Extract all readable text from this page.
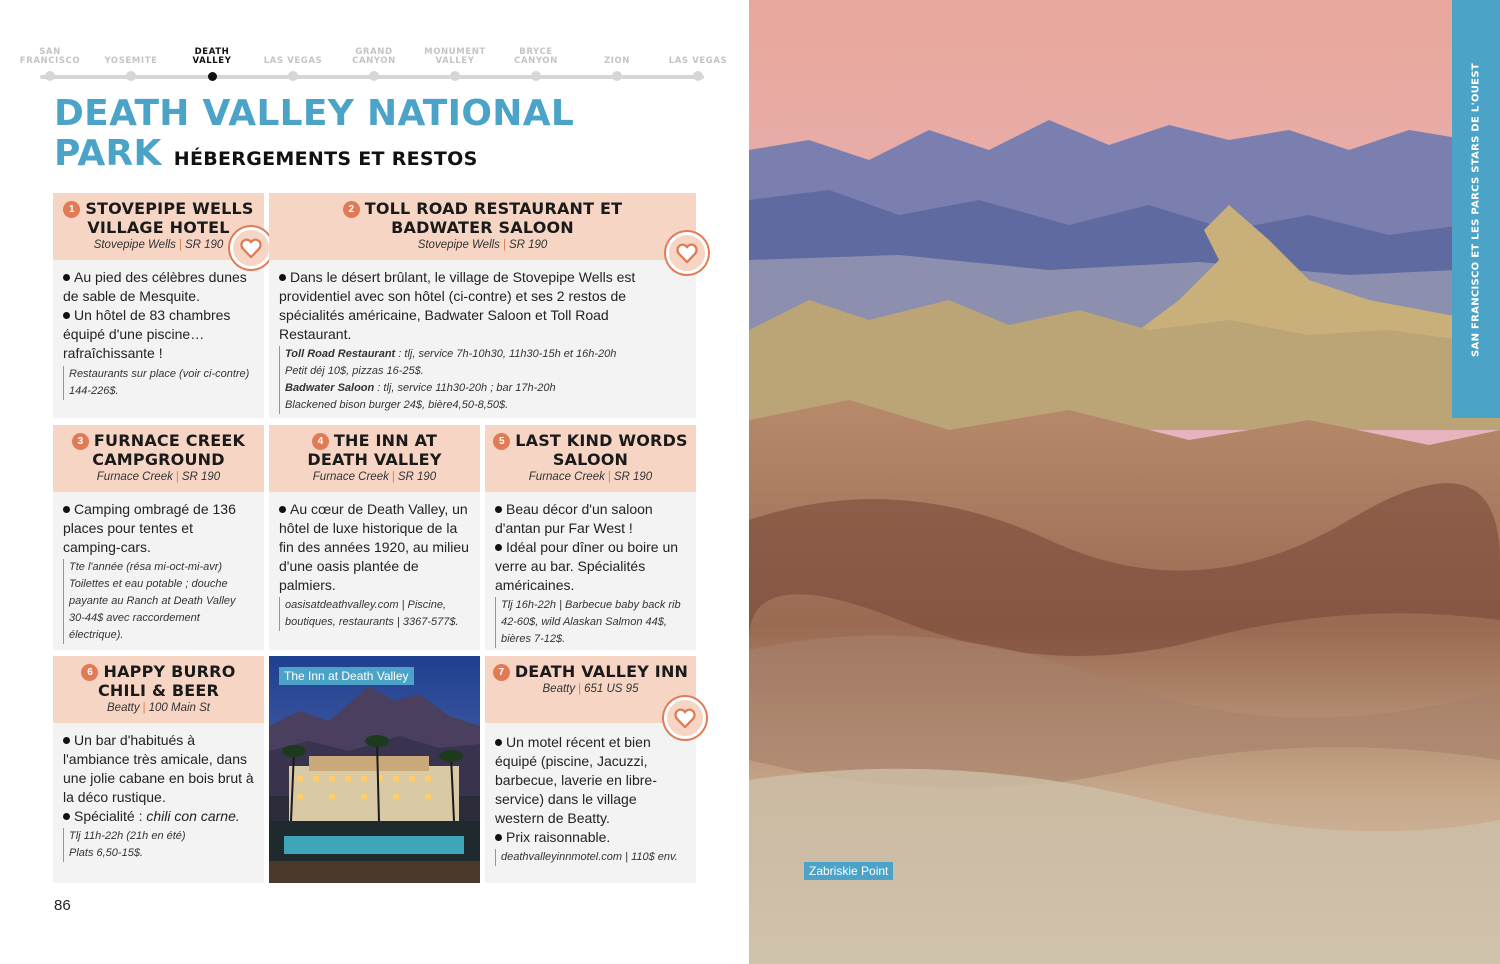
SAN
FRANCISCO	YOSEMITE
DEATH
VALLEY	LAS VEGAS
GRAND
CANYON
MONUMENT
VALLEY
BRYCE
CANYON	ZION	LAS VEGAS
DEATH VALLEY NATIONAL
PARK HÉBERGEMENTS ET RESTOS
1 STOVEPIPE WELLS VILLAGE HOTEL
Stovepipe Wells | SR 190
Au pied des célèbres dunes de sable de Mesquite.
Un hôtel de 83 chambres équipé d'une piscine… rafraîchissante !
Restaurants sur place (voir ci-contre)
144-226$.
2 TOLL ROAD RESTAURANT ET BADWATER SALOON
Stovepipe Wells | SR 190
Dans le désert brûlant, le village de Stovepipe Wells est providentiel avec son hôtel (ci-contre) et ses 2 restos de spécialités américaine, Badwater Saloon et Toll Road Restaurant.
Toll Road Restaurant : tlj, service 7h-10h30, 11h30-15h et 16h-20h
Petit déj 10$, pizzas 16-25$.
Badwater Saloon : tlj, service 11h30-20h ; bar 17h-20h
Blackened bison burger 24$, bière4,50-8,50$.
3 FURNACE CREEK CAMPGROUND
Furnace Creek | SR 190
Camping ombragé de 136 places pour tentes et camping-cars.
Tte l'année (résa mi-oct-mi-avr)
Toilettes et eau potable ; douche payante au Ranch at Death Valley
30-44$ avec raccordement électrique).
4 THE INN AT DEATH VALLEY
Furnace Creek | SR 190
Au cœur de Death Valley, un hôtel de luxe historique de la fin des années 1920, au milieu d'une oasis plantée de palmiers.
oasisatdeathvalley.com | Piscine, boutiques, restaurants | 3367-577$.
5 LAST KIND WORDS SALOON
Furnace Creek | SR 190
Beau décor d'un saloon d'antan pur Far West !
Idéal pour dîner ou boire un verre au bar. Spécialités américaines.
Tlj 16h-22h | Barbecue baby back rib 42-60$, wild Alaskan Salmon 44$, bières 7-12$.
6 HAPPY BURRO CHILI & BEER
Beatty | 100 Main St
Un bar d'habitués à l'ambiance très amicale, dans une jolie cabane en bois brut à la déco rustique.
Spécialité : chili con carne.
Tlj 11h-22h (21h en été)
Plats 6,50-15$.
The Inn at Death Valley	7 DEATH VALLEY INN
Beatty | 651 US 95
Un motel récent et bien équipé (piscine, Jacuzzi, barbecue, laverie en libre-service) dans le village western de Beatty.
Prix raisonnable.
deathvalleyinnmotel.com | 110$ env.
86
SAN FRANCISCO ET LES PARCS STARS DE L'OUEST
Zabriskie Point
